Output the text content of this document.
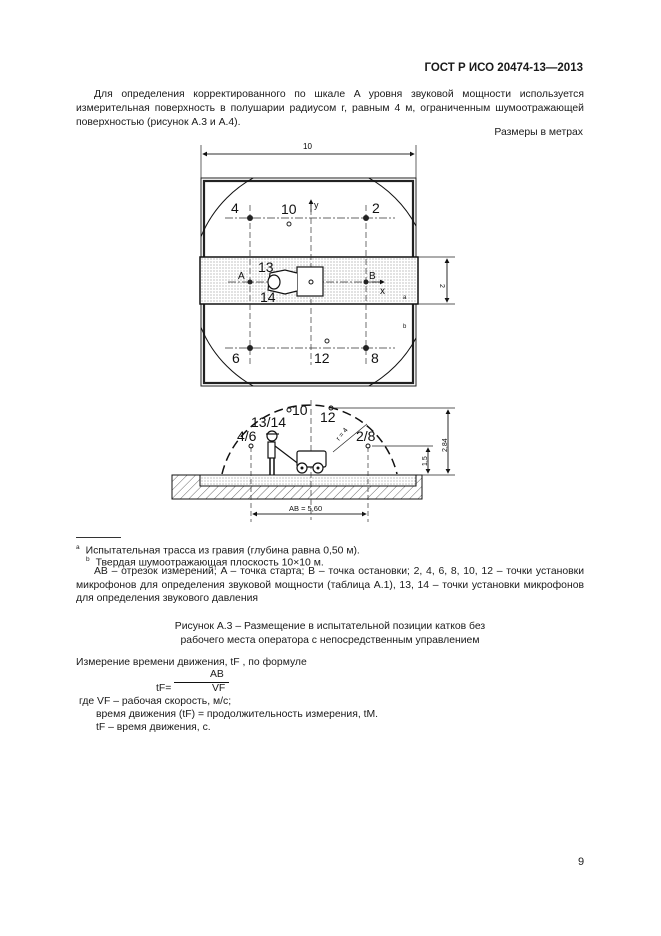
ГОСТ Р ИСО 20474-13—2013
Для определения корректированного по шкале A уровня звуковой мощности используется измерительная поверхность в полушарии радиусом r, равным 4 м, ограниченным шумоотражающей поверхностью (рисунок А.3 и А.4).
Размеры в метрах
10
4	10 y	2
13
14
A	B
x
a
b
2
6	12	8
4/6
13/14
10 12
2/8
r = 4
2,84
1,5
AB = 5,60
$^a$ Испытательная трасса из гравия (глубина равна 0,50 м).
$^b$ Твердая шумоотражающая плоскость 10×10 м.
AB – отрезок измерений; A – точка старта; B – точка остановки; 2, 4, 6, 8, 10, 12 – точки установки микрофонов для определения звуковой мощности (таблица А.1), 13, 14 – точки установки микрофонов для определения звукового давления
Рисунок А.3 – Размещение в испытательной позиции катков без
рабочего места оператора с непосредственным управлением
Измерение времени движения, tF , по формуле
AB
tF=	VF
где VF – рабочая скорость, м/с;
время движения (tF) = продолжительность измерения, tM.
tF – время движения, с.
9
